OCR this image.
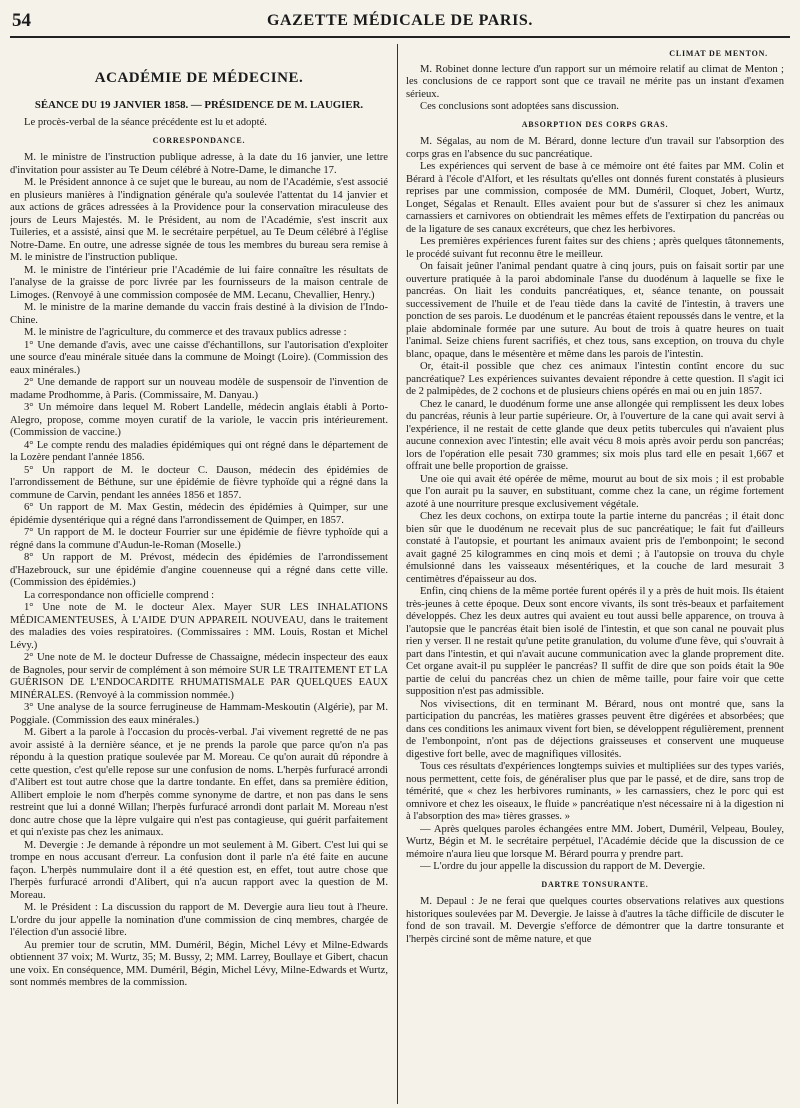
54	GAZETTE MÉDICALE DE PARIS.
ACADÉMIE DE MÉDECINE.
SÉANCE DU 19 JANVIER 1858. — PRÉSIDENCE DE M. LAUGIER.

Le procès-verbal de la séance précédente est lu et adopté.

CORRESPONDANCE.

M. le ministre de l'instruction publique adresse, à la date du 16 janvier, une lettre d'invitation pour assister au Te Deum célébré à Notre-Dame, le dimanche 17.

M. le Président annonce à ce sujet que le bureau, au nom de l'Académie, s'est associé en plusieurs manières à l'indignation générale qu'a soulevée l'attentat du 14 janvier et aux actions de grâces adressées à la Providence pour la conservation miraculeuse des jours de Leurs Majestés. M. le Président, au nom de l'Académie, s'est inscrit aux Tuileries, et a assisté, ainsi que M. le secrétaire perpétuel, au Te Deum célébré à l'église Notre-Dame. En outre, une adresse signée de tous les membres du bureau sera remise à M. le ministre de l'instruction publique.

M. le ministre de l'intérieur prie l'Académie de lui faire connaître les résultats de l'analyse de la graisse de porc livrée par les fournisseurs de la maison centrale de Limoges. (Renvoyé à une commission composée de MM. Lecanu, Chevallier, Henry.)

M. le ministre de la marine demande du vaccin frais destiné à la division de l'Indo-Chine.

M. le ministre de l'agriculture, du commerce et des travaux publics adresse :

1° Une demande d'avis, avec une caisse d'échantillons, sur l'autorisation d'exploiter une source d'eau minérale située dans la commune de Moingt (Loire). (Commission des eaux minérales.)

2° Une demande de rapport sur un nouveau modèle de suspensoir de l'invention de madame Prodhomme, à Paris. (Commissaire, M. Danyau.)

3° Un mémoire dans lequel M. Robert Landelle, médecin anglais établi à Porto-Alegro, propose, comme moyen curatif de la variole, le vaccin pris intérieurement. (Commission de vaccine.)

4° Le compte rendu des maladies épidémiques qui ont régné dans le département de la Lozère pendant l'année 1856.

5° Un rapport de M. le docteur C. Dauson, médecin des épidémies de l'arrondissement de Béthune, sur une épidémie de fièvre typhoïde qui a régné dans la commune de Carvin, pendant les années 1856 et 1857.

6° Un rapport de M. Max Gestin, médecin des épidémies à Quimper, sur une épidémie dysentérique qui a régné dans l'arrondissement de Quimper, en 1857.

7° Un rapport de M. le docteur Fourrier sur une épidémie de fièvre typhoïde qui a régné dans la commune d'Audun-le-Roman (Moselle.)

8° Un rapport de M. Prévost, médecin des épidémies de l'arrondissement d'Hazebrouck, sur une épidémie d'angine couenneuse qui a régné dans cette ville. (Commission des épidémies.)

La correspondance non officielle comprend :

1° Une note de M. le docteur Alex. Mayer SUR LES INHALATIONS MÉDICAMENTEUSES, À L'AIDE D'UN APPAREIL NOUVEAU, dans le traitement des maladies des voies respiratoires. (Commissaires : MM. Louis, Rostan et Michel Lévy.)

2° Une note de M. le docteur Dufresse de Chassaigne, médecin inspecteur des eaux de Bagnoles, pour servir de complément à son mémoire SUR LE TRAITEMENT ET LA GUÉRISON DE L'ENDOCARDITE RHUMATISMALE PAR QUELQUES EAUX MINÉRALES. (Renvoyé à la commission nommée.)

3° Une analyse de la source ferrugineuse de Hammam-Meskoutin (Algérie), par M. Poggiale. (Commission des eaux minérales.)

M. Gibert a la parole à l'occasion du procès-verbal. J'ai vivement regretté de ne pas avoir assisté à la dernière séance, et je ne prends la parole que parce qu'on n'a pas répondu à la question pratique soulevée par M. Moreau. Ce qu'on aurait dû répondre à cette question, c'est qu'elle repose sur une confusion de noms. L'herpès furfuracé arrondi d'Alibert est tout autre chose que la dartre tondante. En effet, dans sa première édition, Allibert emploie le nom d'herpès comme synonyme de dartre, et non pas dans le sens restreint que lui a donné Willan; l'herpès furfuracé arrondi dont parlait M. Moreau n'est donc autre chose que la lèpre vulgaire qui n'est pas contagieuse, qui guérit parfaitement et qui n'existe pas chez les animaux.

M. Devergie : Je demande à répondre un mot seulement à M. Gibert. C'est lui qui se trompe en nous accusant d'erreur. La confusion dont il parle n'a été faite en aucune façon. L'herpès nummulaire dont il a été question est, en effet, tout autre chose que l'herpès furfuracé arrondi d'Alibert, qui n'a aucun rapport avec la question de M. Moreau.

M. le Président : La discussion du rapport de M. Devergie aura lieu tout à l'heure. L'ordre du jour appelle la nomination d'une commission de cinq membres, chargée de l'élection d'un associé libre.

Au premier tour de scrutin, MM. Duméril, Bégin, Michel Lévy et Milne-Edwards obtiennent 37 voix; M. Wurtz, 35; M. Bussy, 2; MM. Larrey, Boullaye et Gibert, chacun une voix. En conséquence, MM. Duméril, Bégin, Michel Lévy, Milne-Edwards et Wurtz, sont nommés membres de la commission.

CLIMAT DE MENTON.

M. Robinet donne lecture d'un rapport sur un mémoire relatif au climat de Menton ; les conclusions de ce rapport sont que ce travail ne mérite pas un instant d'examen sérieux.

Ces conclusions sont adoptées sans discussion.

ABSORPTION DES CORPS GRAS.

M. Ségalas, au nom de M. Bérard, donne lecture d'un travail sur l'absorption des corps gras en l'absence du suc pancréatique.

Les expériences qui servent de base à ce mémoire ont été faites par MM. Colin et Bérard à l'école d'Alfort, et les résultats qu'elles ont donnés furent constatés à plusieurs reprises par une commission, composée de MM. Duméril, Cloquet, Jobert, Wurtz, Longet, Ségalas et Renault. Elles avaient pour but de s'assurer si chez les animaux carnassiers et carnivores on obtiendrait les mêmes effets de l'extirpation du pancréas ou de la ligature de ses canaux excréteurs, que chez les herbivores.

Les premières expériences furent faites sur des chiens ; après quelques tâtonnements, le procédé suivant fut reconnu être le meilleur.

On faisait jeûner l'animal pendant quatre à cinq jours, puis on faisait sortir par une ouverture pratiquée à la paroi abdominale l'anse du duodénum à laquelle se fixe le pancréas. On liait les conduits pancréatiques, et, séance tenante, on poussait successivement de l'huile et de l'eau tiède dans la cavité de l'intestin, à travers une ponction de ses parois. Le duodénum et le pancréas étaient repoussés dans le ventre, et la plaie abdominale formée par une suture. Au bout de trois à quatre heures on tuait l'animal. Seize chiens furent sacrifiés, et chez tous, sans exception, on trouva du chyle blanc, opaque, dans le mésentère et même dans les parois de l'intestin.

Or, était-il possible que chez ces animaux l'intestin contînt encore du suc pancréatique? Les expériences suivantes devaient répondre à cette question. Il s'agit ici de 2 palmipèdes, de 2 cochons et de plusieurs chiens opérés en mai ou en juin 1857.

Chez le canard, le duodénum forme une anse allongée qui remplissent les deux lobes du pancréas, réunis à leur partie supérieure. Or, à l'ouverture de la cane qui avait servi à l'expérience, il ne restait de cette glande que deux petits tubercules qui n'avaient plus aucune connexion avec l'intestin; elle avait vécu 8 mois après avoir perdu son pancréas; lors de l'opération elle pesait 730 grammes; six mois plus tard elle en pesait 1,667 et offrait une belle proportion de graisse.

Une oie qui avait été opérée de même, mourut au bout de six mois ; il est probable que l'on aurait pu la sauver, en substituant, comme chez la cane, un régime fortement azoté à une nourriture presque exclusivement végétale.

Chez les deux cochons, on extirpa toute la partie interne du pancréas ; il était donc bien sûr que le duodénum ne recevait plus de suc pancréatique; le fait fut d'ailleurs constaté à l'autopsie, et pourtant les animaux avaient pris de l'embonpoint; le second avait gagné 25 kilogrammes en cinq mois et demi ; à l'autopsie on trouva du chyle émulsionné dans les vaisseaux mésentériques, et la couche de lard mesurait 3 centimètres d'épaisseur au dos.

Enfin, cinq chiens de la même portée furent opérés il y a près de huit mois. Ils étaient très-jeunes à cette époque. Deux sont encore vivants, ils sont très-beaux et parfaitement développés. Chez les deux autres qui avaient eu tout aussi belle apparence, on trouva à l'autopsie que le pancréas était bien isolé de l'intestin, et que son canal ne pouvait plus rien y verser. Il ne restait qu'une petite granulation, du volume d'une fève, qui s'ouvrait à part dans l'intestin, et qui n'avait aucune communication avec la glande proprement dite. Cet organe avait-il pu suppléer le pancréas? Il suffit de dire que son poids était la 90e partie de celui du pancréas chez un chien de même taille, pour faire voir que cette supposition n'est pas admissible.

Nos vivisections, dit en terminant M. Bérard, nous ont montré que, sans la participation du pancréas, les matières grasses peuvent être digérées et absorbées; que dans ces conditions les animaux vivent fort bien, se développent régulièrement, prennent de l'embonpoint, n'ont pas de déjections graisseuses et conservent une muqueuse digestive fort belle, avec de magnifiques villosités.

Tous ces résultats d'expériences longtemps suivies et multipliées sur des types variés, nous permettent, cette fois, de généraliser plus que par le passé, et de dire, sans trop de témérité, que « chez les herbivores ruminants, » les carnassiers, chez le porc qui est omnivore et chez les oiseaux, le fluide » pancréatique n'est nécessaire ni à la digestion ni à l'absorption des ma» tières grasses. »

— Après quelques paroles échangées entre MM. Jobert, Duméril, Velpeau, Bouley, Wurtz, Bégin et M. le secrétaire perpétuel, l'Académie décide que la discussion de ce mémoire n'aura lieu que lorsque M. Bérard pourra y prendre part.

— L'ordre du jour appelle la discussion du rapport de M. Devergie.

DARTRE TONSURANTE.

M. Depaul : Je ne ferai que quelques courtes observations relatives aux questions historiques soulevées par M. Devergie. Je laisse à d'autres la tâche difficile de discuter le fond de son travail. M. Devergie s'efforce de démontrer que la dartre tonsurante et l'herpès circiné sont de même nature, et que
